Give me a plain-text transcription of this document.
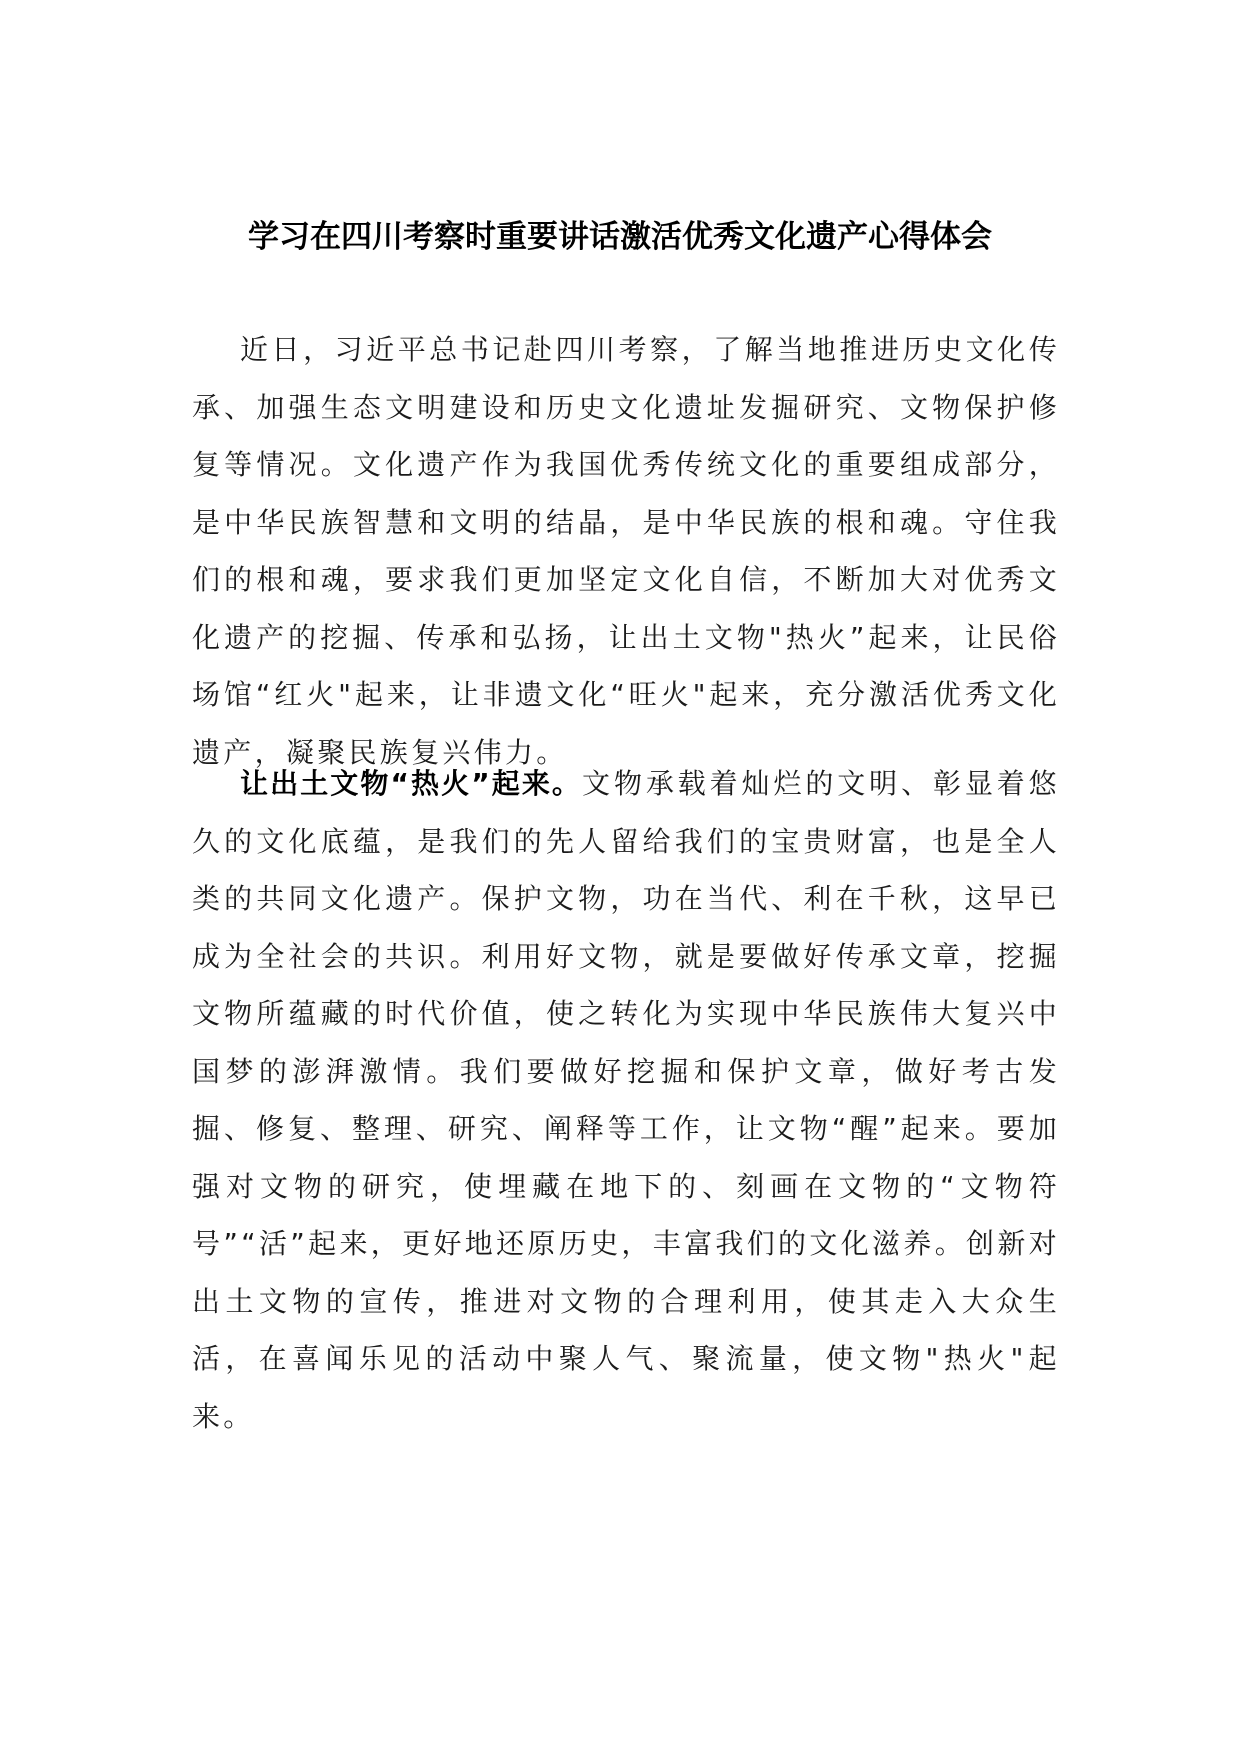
学习在四川考察时重要讲话激活优秀文化遗产心得体会

近日，习近平总书记赴四川考察，了解当地推进历史文化传承、加强生态文明建设和历史文化遗址发掘研究、文物保护修复等情况。文化遗产作为我国优秀传统文化的重要组成部分，是中华民族智慧和文明的结晶，是中华民族的根和魂。守住我们的根和魂，要求我们更加坚定文化自信，不断加大对优秀文化遗产的挖掘、传承和弘扬，让出土文物"热火”起来，让民俗场馆“红火"起来，让非遗文化“旺火"起来，充分激活优秀文化遗产，凝聚民族复兴伟力。

让出土文物“热火”起来。文物承载着灿烂的文明、彰显着悠久的文化底蕴，是我们的先人留给我们的宝贵财富，也是全人类的共同文化遗产。保护文物，功在当代、利在千秋，这早已成为全社会的共识。利用好文物，就是要做好传承文章，挖掘文物所蕴藏的时代价值，使之转化为实现中华民族伟大复兴中国梦的澎湃激情。我们要做好挖掘和保护文章，做好考古发掘、修复、整理、研究、阐释等工作，让文物“醒”起来。要加强对文物的研究，使埋藏在地下的、刻画在文物的“文物符号”“活”起来，更好地还原历史，丰富我们的文化滋养。创新对出土文物的宣传，推进对文物的合理利用，使其走入大众生活，在喜闻乐见的活动中聚人气、聚流量，使文物"热火"起来。
